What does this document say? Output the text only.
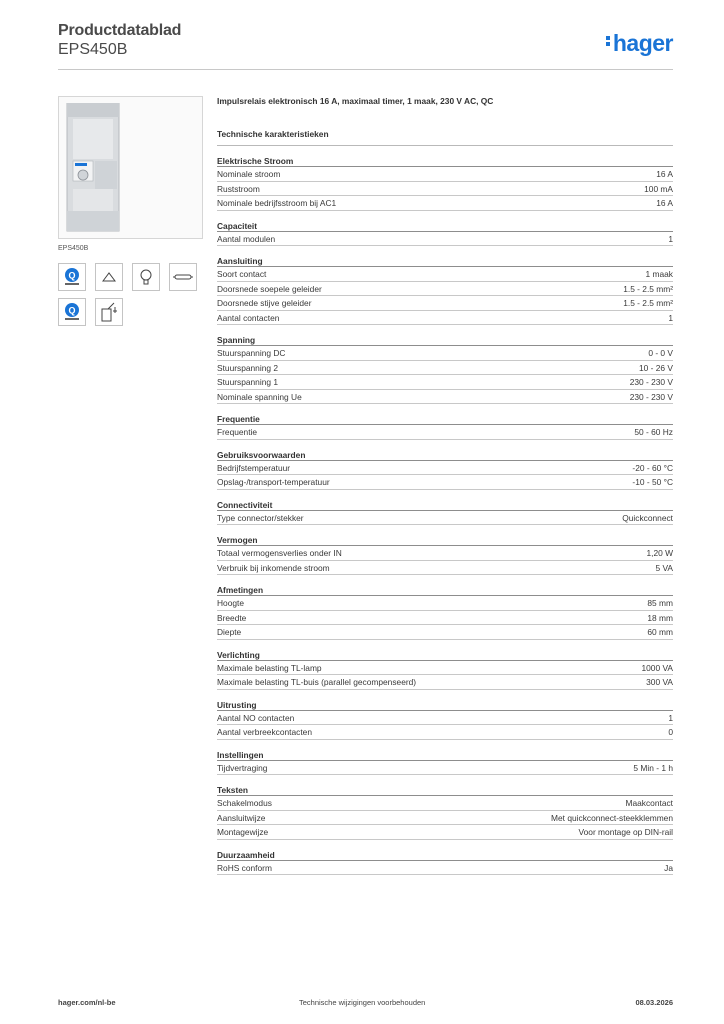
Productdatablad
EPS450B	hager
EPS450B
Q
Q
Impulsrelais elektronisch 16 A, maximaal timer, 1 maak, 230 V AC, QC
Technische karakteristieken
Elektrische Stroom
Nominale stroom	16 A
Ruststroom	100 mA
Nominale bedrijfsstroom bij AC1	16 A
Capaciteit
Aantal modulen	1
Aansluiting
Soort contact	1 maak
Doorsnede soepele geleider	1.5 - 2.5 mm²
Doorsnede stijve geleider	1.5 - 2.5 mm²
Aantal contacten	1
Spanning
Stuurspanning DC	0 - 0 V
Stuurspanning 2	10 - 26 V
Stuurspanning 1	230 - 230 V
Nominale spanning Ue	230 - 230 V
Frequentie
Frequentie	50 - 60 Hz
Gebruiksvoorwaarden
Bedrijfstemperatuur	-20 - 60 °C
Opslag-/transport-temperatuur	-10 - 50 °C
Connectiviteit
Type connector/stekker	Quickconnect
Vermogen
Totaal vermogensverlies onder IN	1,20 W
Verbruik bij inkomende stroom	5 VA
Afmetingen
Hoogte	85 mm
Breedte	18 mm
Diepte	60 mm
Verlichting
Maximale belasting TL-lamp	1000 VA
Maximale belasting TL-buis (parallel gecompenseerd)	300 VA
Uitrusting
Aantal NO contacten	1
Aantal verbreekcontacten	0
Instellingen
Tijdvertraging	5 Min - 1 h
Teksten
Schakelmodus	Maakcontact
Aansluitwijze	Met quickconnect-steekklemmen
Montagewijze	Voor montage op DIN-rail
Duurzaamheid
RoHS conform	Ja
hager.com/nl-be	Technische wijzigingen voorbehouden	08.03.2026
